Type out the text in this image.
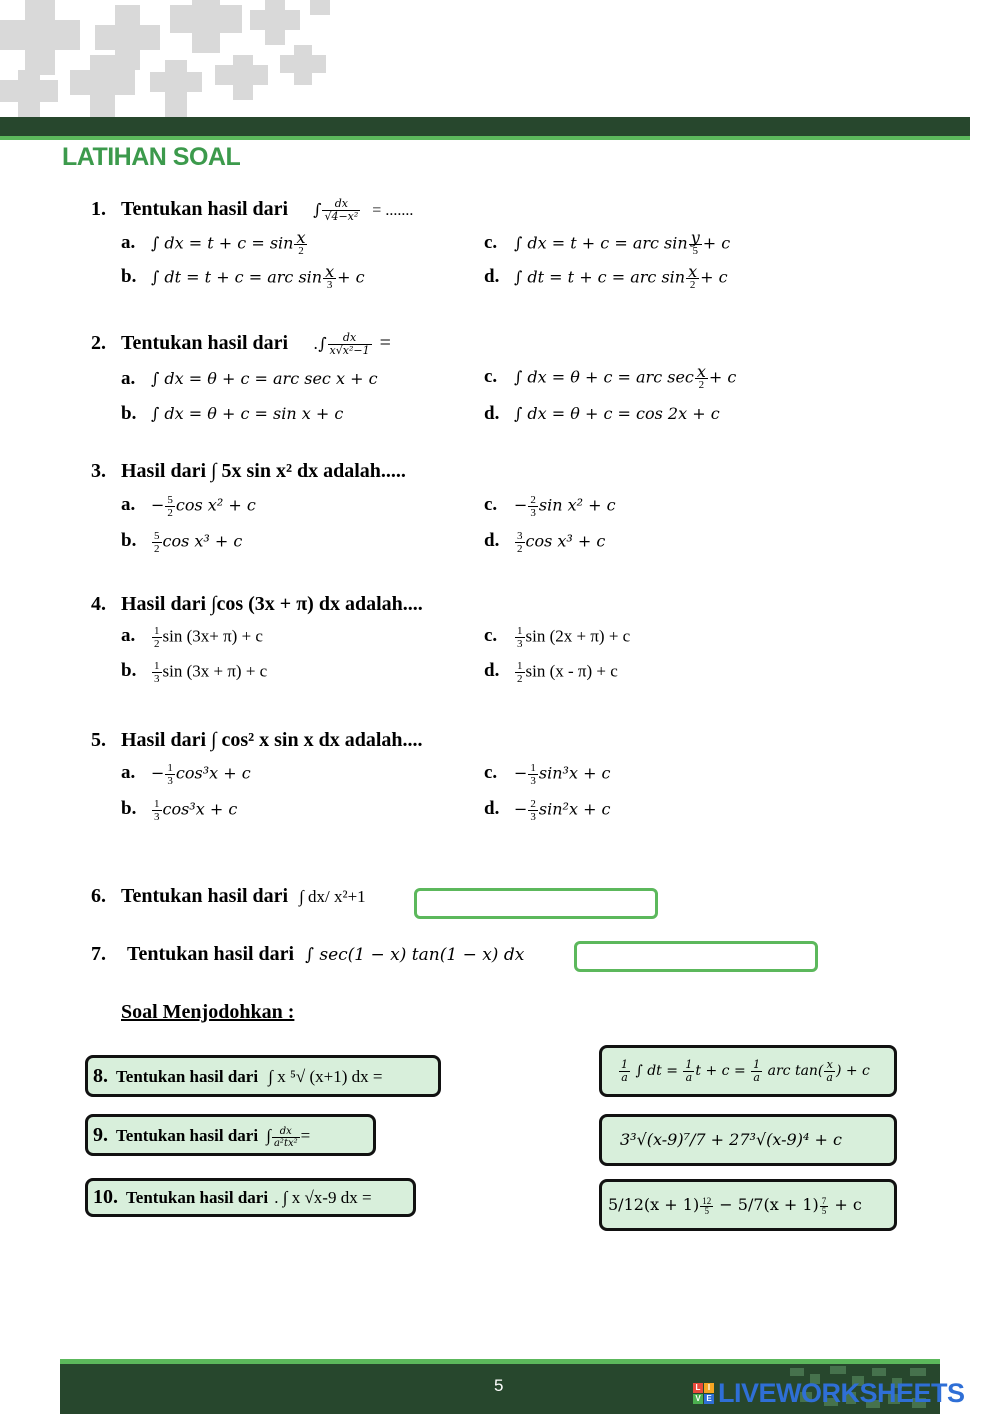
LATIHAN SOAL
1. Tentukan hasil dari ∫ $\frac{dx}{\text{√4−x²}}$ = .......
a. ∫ dx = $t + c = \sin \frac{x}{2}$	c. ∫ dx = t + c = arc $\sin \frac{y}{5} + c$
b. ∫ dt = t + c = arc $\sin \frac{x}{3} + c$	d. ∫ dt = t + c = arc $\sin \frac{x}{2} + c$
2. Tentukan hasil dari .∫ $\frac{dx}{\text{x√x²−1}}$ =
a. ∫ dx = θ + c = arc sec x + c	c. ∫ dx = θ + c = arc $\sec \frac{x}{2} + c$
b. ∫ dx = θ + c = sin x + c	d. ∫ dx = θ + c = cos 2x + c
3. Hasil dari ∫ 5x sin x² dx adalah.....
a. − $\frac{5}{2}$ cos x² + c	c. − $\frac{2}{3}$ sin x² + c
b. $\frac{5}{2}$ cos x³ + c	d. $\frac{3}{2}$ cos x³ + c
4. Hasil dari ∫cos (3x + π) dx adalah....
a. $\frac{1}{2}$ sin (3x+ π) + c	c. $\frac{1}{3}$ sin (2x + π) + c
b. $\frac{1}{3}$ sin (3x + π) + c	d. $\frac{1}{2}$ sin (x - π) + c
5. Hasil dari ∫ cos² x sin x dx adalah....
a. − $\frac{1}{3} \cos^3x + c$	c. − $\frac{1}{3} \sin^3x + c$
b. $\frac{1}{3} \cos^3x + c$	d. − $\frac{2}{3} \sin^2x + c$
6. Tentukan hasil dari ∫ dx/ x²+1
7. Tentukan hasil dari ∫ sec(1 − x) tan(1 − x) dx
Soal Menjodohkan :
8. Tentukan hasil dari ∫ x ⁵√ (x+1) dx =
9. Tentukan hasil dari ∫ $\frac{dx}{\text{a²tx²}}$ =
10. Tentukan hasil dari . ∫ x √x-9 dx =
$\frac{1}{a}$ ∫ dt = $\frac{1}{a}$ $t + c = \frac{1}{a}$ arc $\tan( \frac{x}{a}$ ) + c
3³√(x-9)⁷/7 + 27³√(x-9)⁴ + c
$5/12(x + 1) \frac{12}{5} - 5/7(x + 1) \frac{7}{5} + c$
5	L I
V E LIVEWORKSHEETS
